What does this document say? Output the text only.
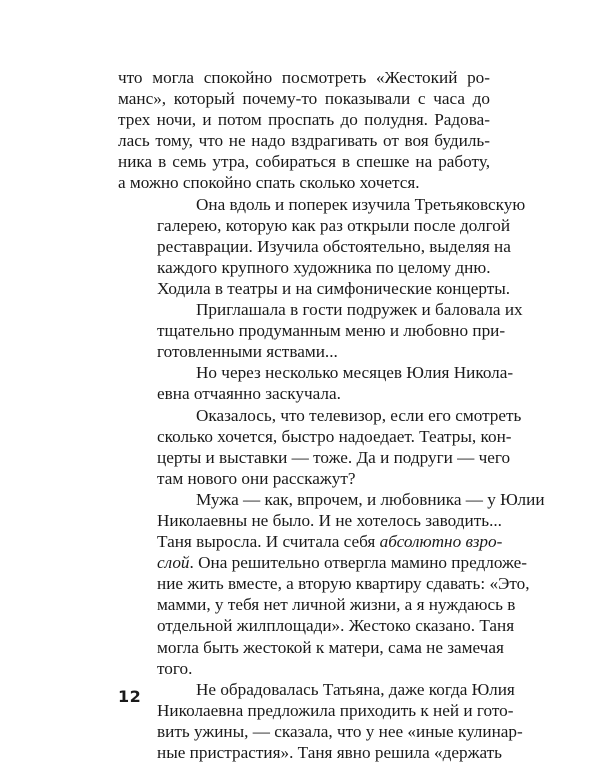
что могла спокойно посмотреть «Жестокий ро-
манс», который почему-то показывали с часа до
трех ночи, и потом проспать до полудня. Радова-
лась тому, что не надо вздрагивать от воя будиль-
ника в семь утра, собираться в спешке на работу,
а можно спокойно спать сколько хочется.

Она вдоль и поперек изучила Третьяковскую
галерею, которую как раз открыли после долгой
реставрации. Изучила обстоятельно, выделяя на
каждого крупного художника по целому дню.
Ходила в театры и на симфонические концерты.

Приглашала в гости подружек и баловала их
тщательно продуманным меню и любовно при-
готовленными яствами...

Но через несколько месяцев Юлия Никола-
евна отчаянно заскучала.

Оказалось, что телевизор, если его смотреть
сколько хочется, быстро надоедает. Театры, кон-
церты и выставки — тоже. Да и подруги — чего
там нового они расскажут?

Мужа — как, впрочем, и любовника — у Юлии
Николаевны не было. И не хотелось заводить...
Таня выросла. И считала себя абсолютно взро-
слой. Она решительно отвергла мамино предложе-
ние жить вместе, а вторую квартиру сдавать: «Это,
мамми, у тебя нет личной жизни, а я нуждаюсь в
отдельной жилплощади». Жестоко сказано. Таня
могла быть жестокой к матери, сама не замечая
того.

Не обрадовалась Татьяна, даже когда Юлия
Николаевна предложила приходить к ней и гото-
вить ужины, — сказала, что у нее «иные кулинар-
ные пристрастия». Таня явно решила «держать

12
